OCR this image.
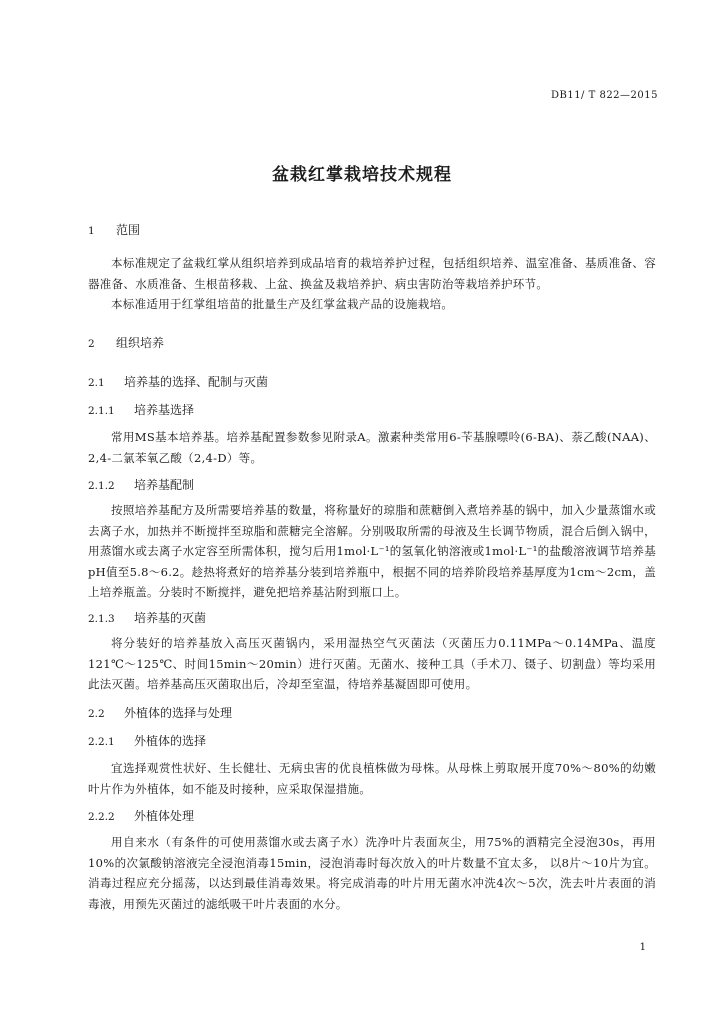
DB11/ T 822—2015
盆栽红掌栽培技术规程
1 范围
本标准规定了盆栽红掌从组织培养到成品培育的栽培养护过程，包括组织培养、温室准备、基质准备、容器准备、水质准备、生根苗移栽、上盆、换盆及栽培养护、病虫害防治等栽培养护环节。
本标准适用于红掌组培苗的批量生产及红掌盆栽产品的设施栽培。
2 组织培养
2.1 培养基的选择、配制与灭菌
2.1.1 培养基选择
常用MS基本培养基。培养基配置参数参见附录A。激素种类常用6-苄基腺嘌呤(6-BA)、萘乙酸(NAA)、2,4-二氯苯氧乙酸（2,4-D）等。
2.1.2 培养基配制
按照培养基配方及所需要培养基的数量，将称量好的琼脂和蔗糖倒入煮培养基的锅中，加入少量蒸馏水或去离子水，加热并不断搅拌至琼脂和蔗糖完全溶解。分别吸取所需的母液及生长调节物质，混合后倒入锅中，用蒸馏水或去离子水定容至所需体积，搅匀后用1mol·L⁻¹的氢氧化钠溶液或1mol·L⁻¹的盐酸溶液调节培养基pH值至5.8～6.2。趁热将煮好的培养基分装到培养瓶中，根据不同的培养阶段培养基厚度为1cm～2cm，盖上培养瓶盖。分装时不断搅拌，避免把培养基沾附到瓶口上。
2.1.3 培养基的灭菌
将分装好的培养基放入高压灭菌锅内，采用湿热空气灭菌法（灭菌压力0.11MPa～0.14MPa、温度121℃～125℃、时间15min～20min）进行灭菌。无菌水、接种工具（手术刀、镊子、切割盘）等均采用此法灭菌。培养基高压灭菌取出后，冷却至室温，待培养基凝固即可使用。
2.2 外植体的选择与处理
2.2.1 外植体的选择
宜选择观赏性状好、生长健壮、无病虫害的优良植株做为母株。从母株上剪取展开度70%～80%的幼嫩叶片作为外植体，如不能及时接种，应采取保湿措施。
2.2.2 外植体处理
用自来水（有条件的可使用蒸馏水或去离子水）洗净叶片表面灰尘，用75%的酒精完全浸泡30s，再用10%的次氯酸钠溶液完全浸泡消毒15min，浸泡消毒时每次放入的叶片数量不宜太多， 以8片～10片为宜。消毒过程应充分摇荡，以达到最佳消毒效果。将完成消毒的叶片用无菌水冲洗4次～5次，洗去叶片表面的消毒液，用预先灭菌过的滤纸吸干叶片表面的水分。
1
